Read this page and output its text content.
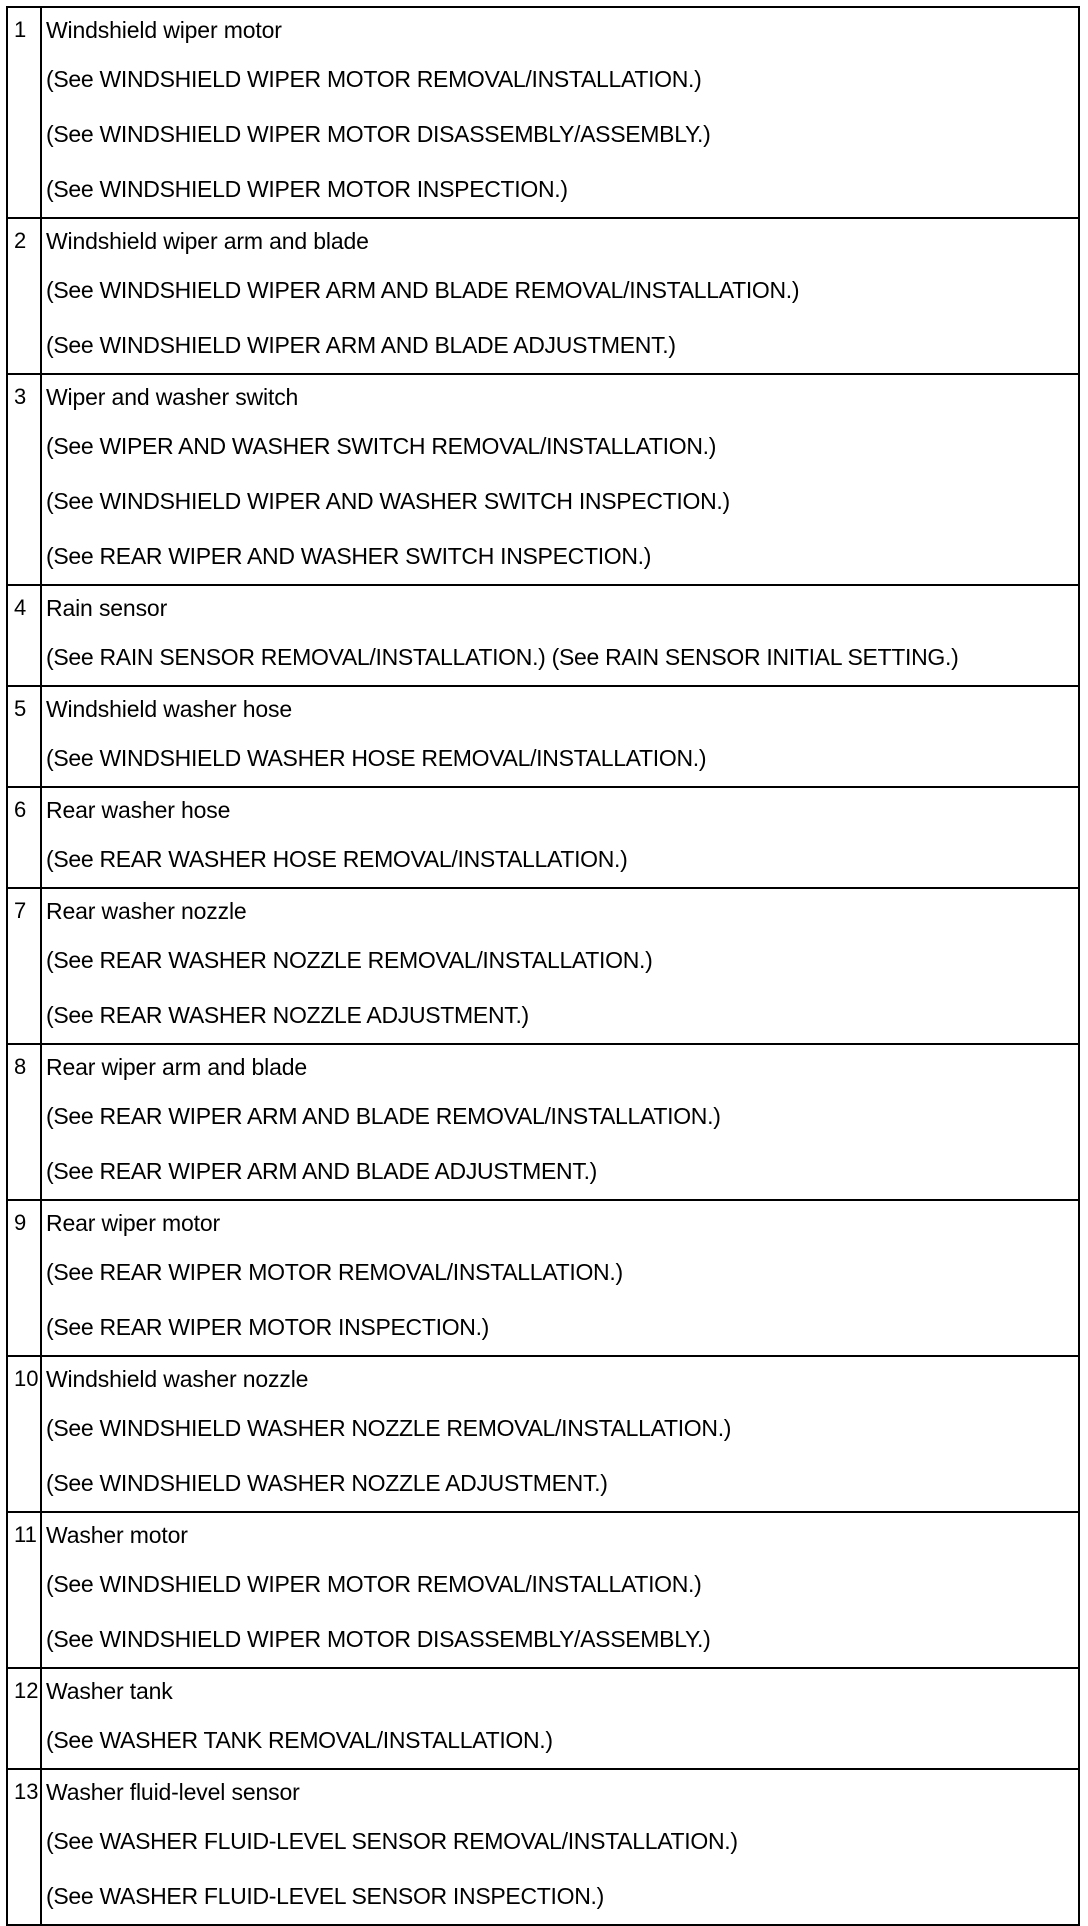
1	Windshield wiper motor
(See WINDSHIELD WIPER MOTOR REMOVAL/INSTALLATION.)
(See WINDSHIELD WIPER MOTOR DISASSEMBLY/ASSEMBLY.)
(See WINDSHIELD WIPER MOTOR INSPECTION.)

2	Windshield wiper arm and blade
(See WINDSHIELD WIPER ARM AND BLADE REMOVAL/INSTALLATION.)
(See WINDSHIELD WIPER ARM AND BLADE ADJUSTMENT.)

3	Wiper and washer switch
(See WIPER AND WASHER SWITCH REMOVAL/INSTALLATION.)
(See WINDSHIELD WIPER AND WASHER SWITCH INSPECTION.)
(See REAR WIPER AND WASHER SWITCH INSPECTION.)

4	Rain sensor
(See RAIN SENSOR REMOVAL/INSTALLATION.) (See RAIN SENSOR INITIAL SETTING.)

5	Windshield washer hose
(See WINDSHIELD WASHER HOSE REMOVAL/INSTALLATION.)

6	Rear washer hose
(See REAR WASHER HOSE REMOVAL/INSTALLATION.)

7	Rear washer nozzle
(See REAR WASHER NOZZLE REMOVAL/INSTALLATION.)
(See REAR WASHER NOZZLE ADJUSTMENT.)

8	Rear wiper arm and blade
(See REAR WIPER ARM AND BLADE REMOVAL/INSTALLATION.)
(See REAR WIPER ARM AND BLADE ADJUSTMENT.)

9	Rear wiper motor
(See REAR WIPER MOTOR REMOVAL/INSTALLATION.)
(See REAR WIPER MOTOR INSPECTION.)

10	Windshield washer nozzle
(See WINDSHIELD WASHER NOZZLE REMOVAL/INSTALLATION.)
(See WINDSHIELD WASHER NOZZLE ADJUSTMENT.)

11	Washer motor
(See WINDSHIELD WIPER MOTOR REMOVAL/INSTALLATION.)
(See WINDSHIELD WIPER MOTOR DISASSEMBLY/ASSEMBLY.)

12	Washer tank
(See WASHER TANK REMOVAL/INSTALLATION.)

13	Washer fluid-level sensor
(See WASHER FLUID-LEVEL SENSOR REMOVAL/INSTALLATION.)
(See WASHER FLUID-LEVEL SENSOR INSPECTION.)
